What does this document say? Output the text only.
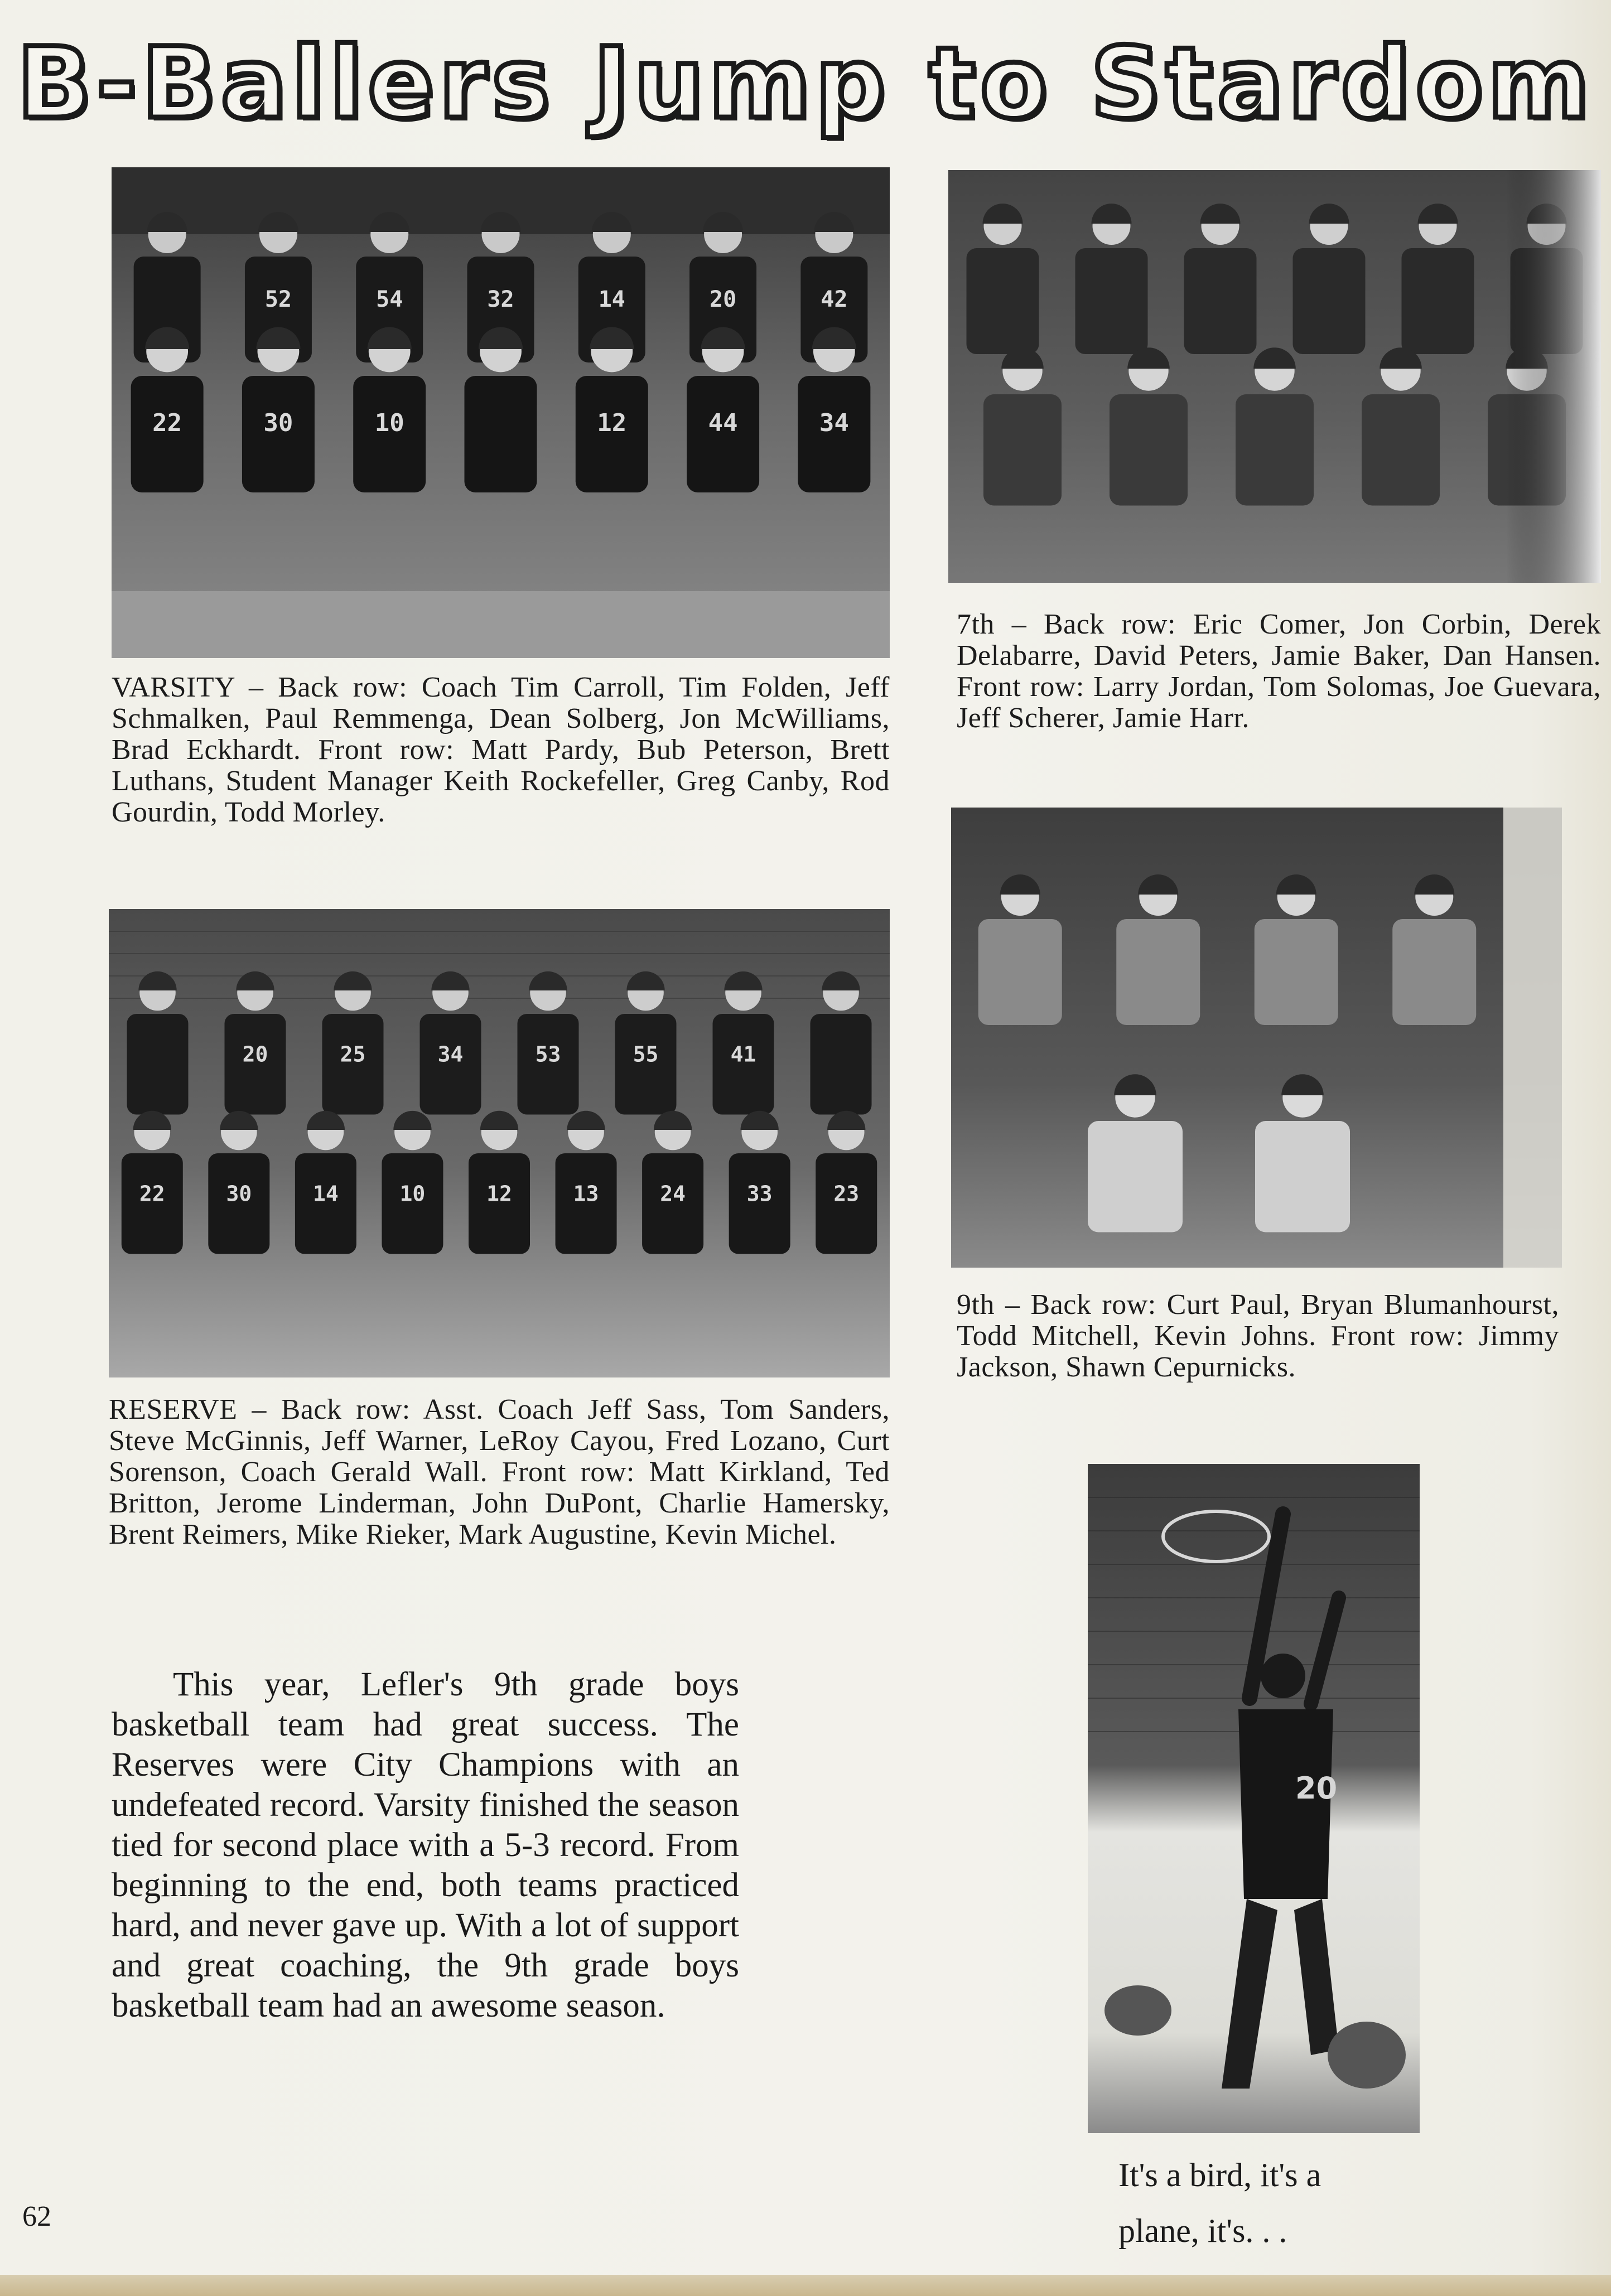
B-Ballers Jump to Stardom
52	54	32	14	20	42
22	30	10	12	44	34
VARSITY – Back row: Coach Tim Carroll, Tim Folden, Jeff Schmalken, Paul Remmenga, Dean Solberg, Jon McWilliams, Brad Eckhardt. Front row: Matt Pardy, Bub Peterson, Brett Luthans, Student Manager Keith Rockefeller, Greg Canby, Rod Gourdin, Todd Morley.
7th – Back row: Eric Comer, Jon Corbin, Derek Delabarre, David Peters, Jamie Baker, Dan Hansen. Front row: Larry Jordan, Tom Solomas, Joe Guevara, Jeff Scherer, Jamie Harr.
20	25	34	53	55	41
22	30	14	10	12	13	24	33	23
RESERVE – Back row: Asst. Coach Jeff Sass, Tom Sanders, Steve McGinnis, Jeff Warner, LeRoy Cayou, Fred Lozano, Curt Sorenson, Coach Gerald Wall. Front row: Matt Kirkland, Ted Britton, Jerome Linderman, John DuPont, Charlie Hamersky, Brent Reimers, Mike Rieker, Mark Augustine, Kevin Michel.
9th – Back row: Curt Paul, Bryan Blumanhourst, Todd Mitchell, Kevin Johns. Front row: Jimmy Jackson, Shawn Cepurnicks.
20
This year, Lefler's 9th grade boys basketball team had great success. The Reserves were City Champions with an undefeated record. Varsity finished the season tied for second place with a 5-3 record. From beginning to the end, both teams practiced hard, and never gave up. With a lot of support and great coaching, the 9th grade boys basketball team had an awesome season.
It's a bird, it's a
plane, it's. . .
62
